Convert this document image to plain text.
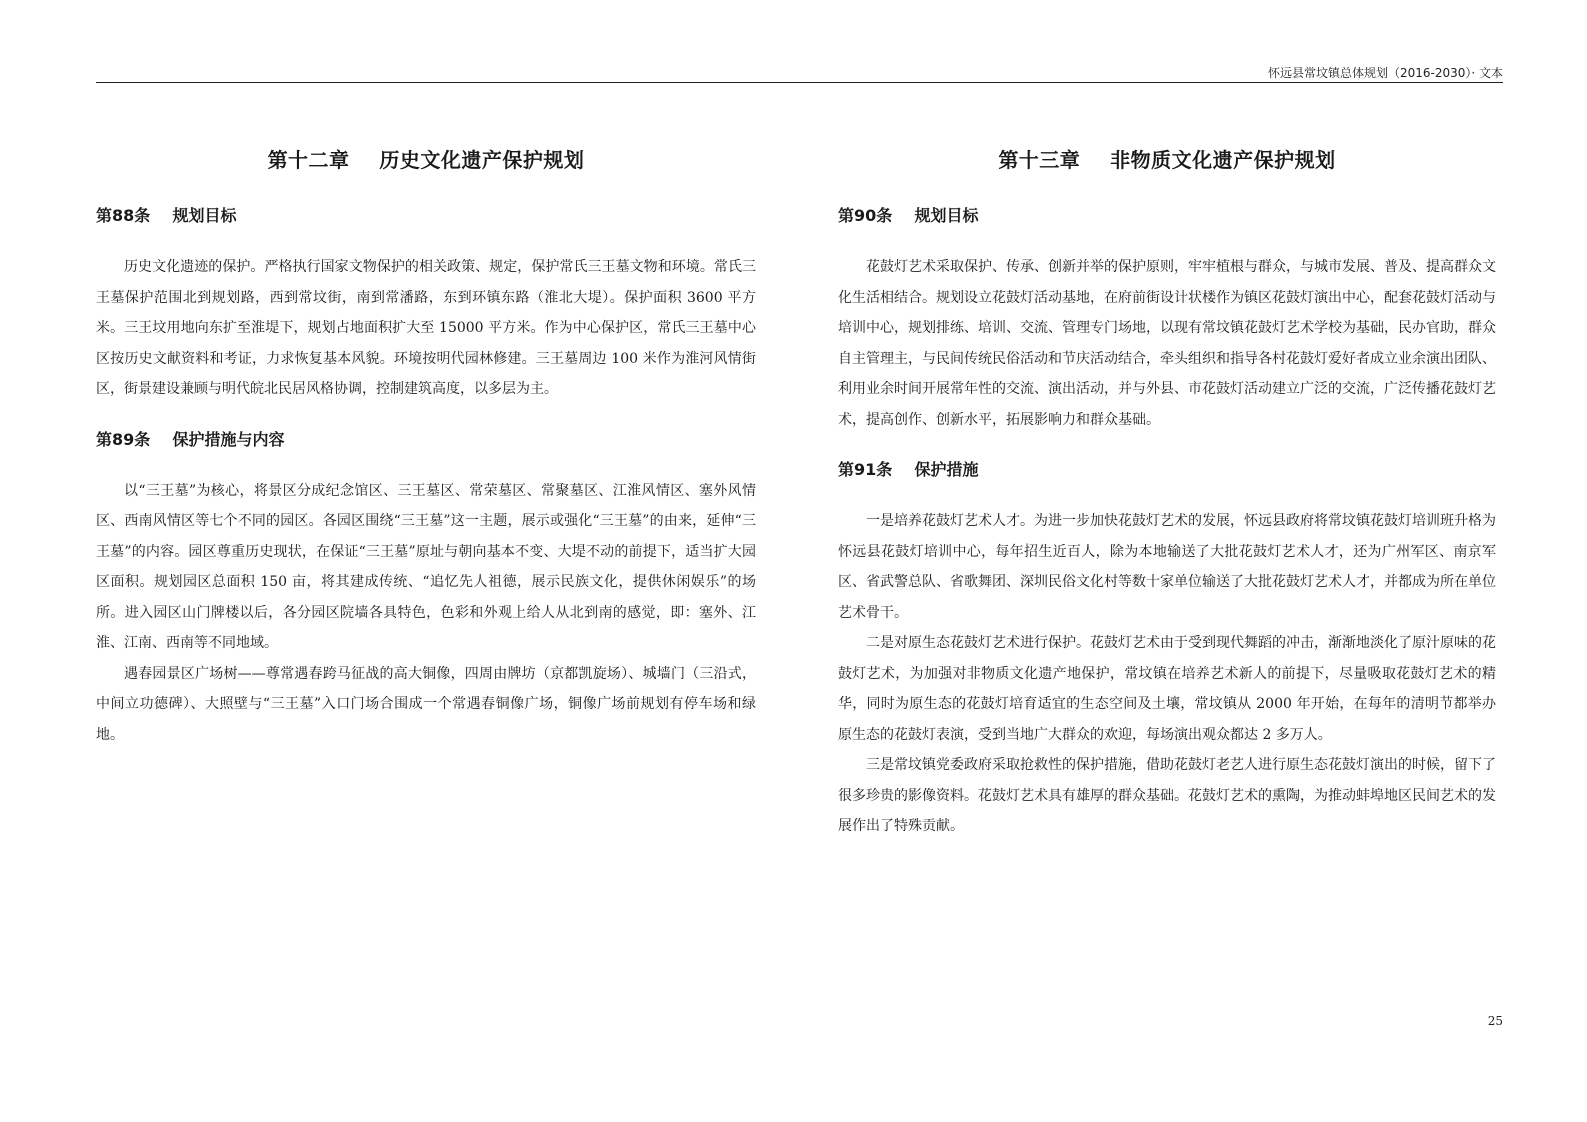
怀远县常坟镇总体规划（2016-2030）· 文本
第十二章    历史文化遗产保护规划
第88条    规划目标

历史文化遗迹的保护。严格执行国家文物保护的相关政策、规定，保护常氏三王墓文物和环境。常氏三王墓保护范围北到规划路，西到常坟街，南到常潘路，东到环镇东路（淮北大堤）。保护面积 3600 平方米。三王坟用地向东扩至淮堤下，规划占地面积扩大至 15000 平方米。作为中心保护区，常氏三王墓中心区按历史文献资料和考证，力求恢复基本风貌。环境按明代园林修建。三王墓周边 100 米作为淮河风情街区，街景建设兼顾与明代皖北民居风格协调，控制建筑高度，以多层为主。

第89条    保护措施与内容

以“三王墓”为核心，将景区分成纪念馆区、三王墓区、常荣墓区、常聚墓区、江淮风情区、塞外风情区、西南风情区等七个不同的园区。各园区围绕“三王墓”这一主题，展示或强化“三王墓”的由来，延伸“三王墓”的内容。园区尊重历史现状，在保证“三王墓”原址与朝向基本不变、大堤不动的前提下，适当扩大园区面积。规划园区总面积 150 亩，将其建成传统、“追忆先人祖德，展示民族文化，提供休闲娱乐”的场所。进入园区山门牌楼以后，各分园区院墙各具特色，色彩和外观上给人从北到南的感觉，即：塞外、江淮、江南、西南等不同地域。

遇春园景区广场树——尊常遇春跨马征战的高大铜像，四周由牌坊（京都凯旋场）、城墙门（三沿式，中间立功德碑）、大照壁与“三王墓”入口门场合围成一个常遇春铜像广场，铜像广场前规划有停车场和绿地。

第十三章    非物质文化遗产保护规划
第90条    规划目标

花鼓灯艺术采取保护、传承、创新并举的保护原则，牢牢植根与群众，与城市发展、普及、提高群众文化生活相结合。规划设立花鼓灯活动基地，在府前街设计状楼作为镇区花鼓灯演出中心，配套花鼓灯活动与培训中心，规划排练、培训、交流、管理专门场地，以现有常坟镇花鼓灯艺术学校为基础，民办官助，群众自主管理主，与民间传统民俗活动和节庆活动结合，牵头组织和指导各村花鼓灯爱好者成立业余演出团队、利用业余时间开展常年性的交流、演出活动，并与外县、市花鼓灯活动建立广泛的交流，广泛传播花鼓灯艺术，提高创作、创新水平，拓展影响力和群众基础。

第91条    保护措施

一是培养花鼓灯艺术人才。为进一步加快花鼓灯艺术的发展，怀远县政府将常坟镇花鼓灯培训班升格为怀远县花鼓灯培训中心，每年招生近百人，除为本地输送了大批花鼓灯艺术人才，还为广州军区、南京军区、省武警总队、省歌舞团、深圳民俗文化村等数十家单位输送了大批花鼓灯艺术人才，并都成为所在单位艺术骨干。

二是对原生态花鼓灯艺术进行保护。花鼓灯艺术由于受到现代舞蹈的冲击，渐渐地淡化了原汁原味的花鼓灯艺术，为加强对非物质文化遗产地保护，常坟镇在培养艺术新人的前提下，尽量吸取花鼓灯艺术的精华，同时为原生态的花鼓灯培育适宜的生态空间及土壤，常坟镇从 2000 年开始，在每年的清明节都举办原生态的花鼓灯表演，受到当地广大群众的欢迎，每场演出观众都达 2 多万人。

三是常坟镇党委政府采取抢救性的保护措施，借助花鼓灯老艺人进行原生态花鼓灯演出的时候，留下了很多珍贵的影像资料。花鼓灯艺术具有雄厚的群众基础。花鼓灯艺术的熏陶，为推动蚌埠地区民间艺术的发展作出了特殊贡献。

25
